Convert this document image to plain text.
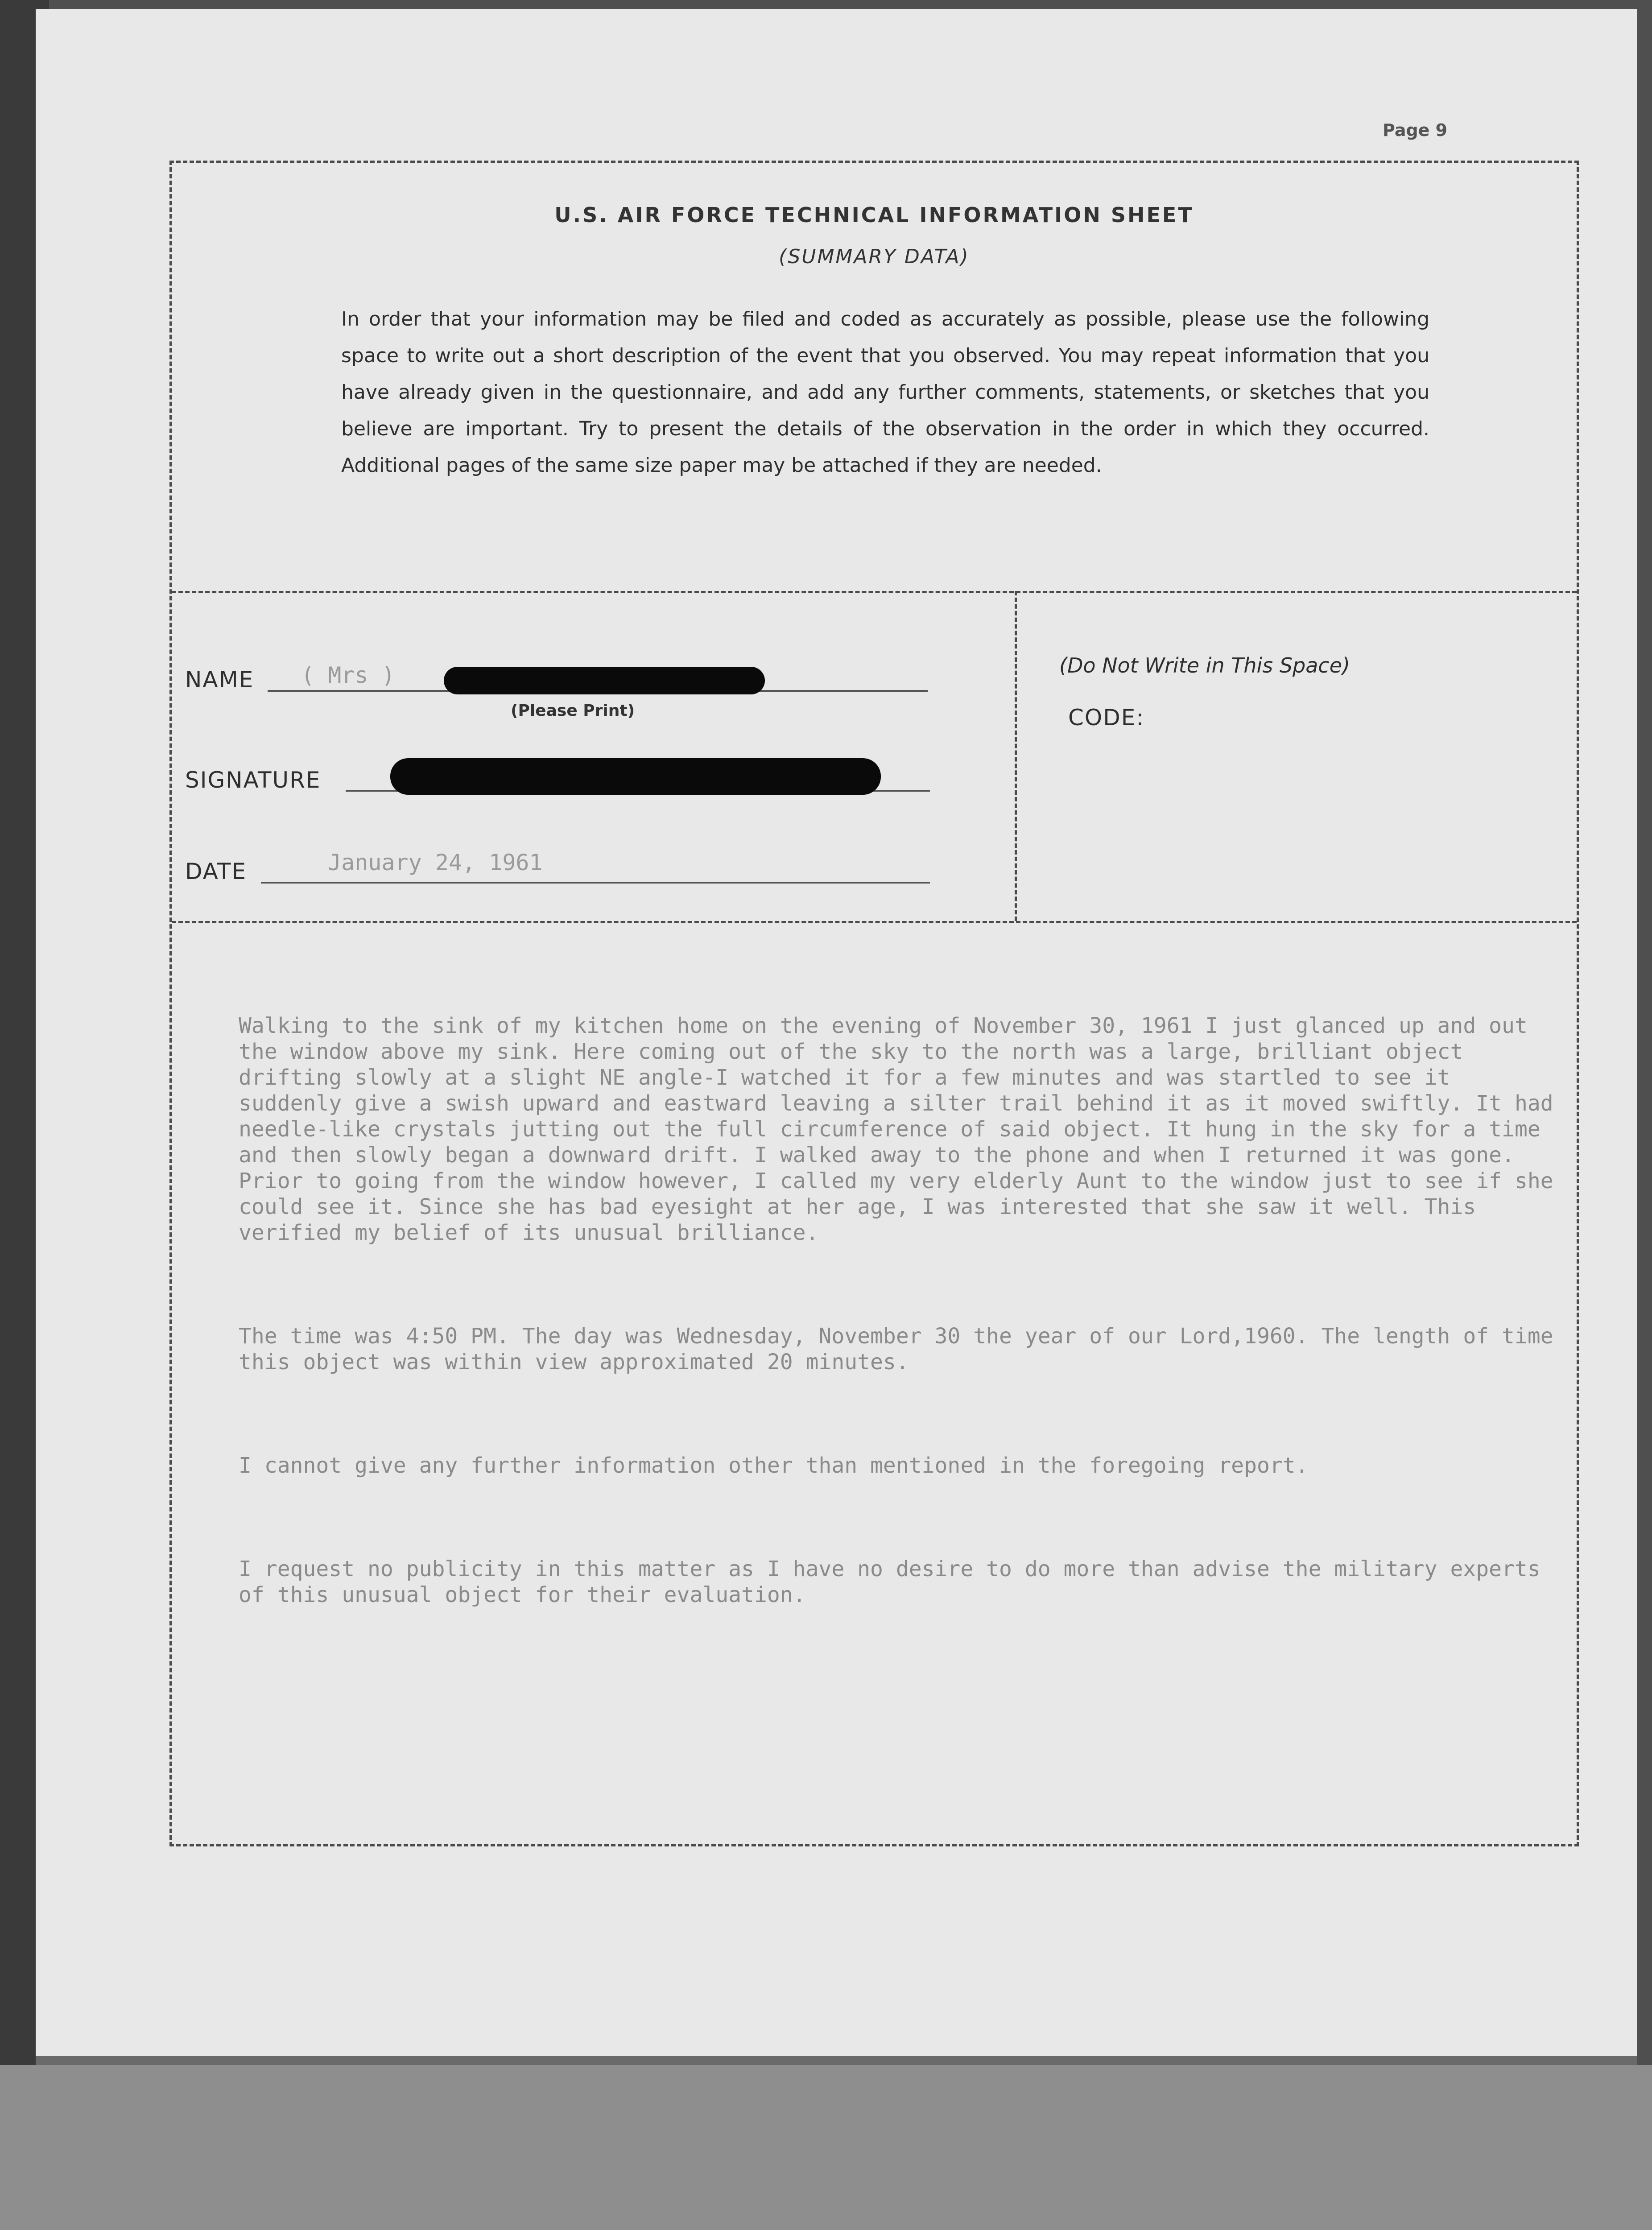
Page 9
U.S. AIR FORCE TECHNICAL INFORMATION SHEET
(SUMMARY DATA)
In order that your information may be filed and coded as accurately as possible, please use the following space to write out a short description of the event that you observed. You may repeat information that you have already given in the questionnaire, and add any further comments, statements, or sketches that you believe are important. Try to present the details of the observation in the order in which they occurred. Additional pages of the same size paper may be attached if they are needed.
NAME ( Mrs )
(Please Print)
SIGNATURE
DATE	January 24, 1961
(Do Not Write in This Space)
CODE:

Walking to the sink of my kitchen home on the evening of November 30, 1961 I just glanced up and out the window above my sink. Here coming out of the sky to the north was a large, brilliant object drifting slowly at a slight NE angle-I watched it for a few minutes and was startled to see it suddenly give a swish upward and eastward leaving a silter trail behind it as it moved swiftly. It had needle-like crystals jutting out the full circumference of said object. It hung in the sky for a time and then slowly began a downward drift. I walked away to the phone and when I returned it was gone. Prior to going from the window however, I called my very elderly Aunt to the window just to see if she could see it. Since she has bad eyesight at her age, I was interested that she saw it well. This verified my belief of its unusual brilliance.

The time was 4:50 PM. The day was Wednesday, November 30 the year of our Lord,1960. The length of time this object was within view approximated 20 minutes.

I cannot give any further information other than mentioned in the foregoing report.

I request no publicity in this matter as I have no desire to do more than advise the military experts of this unusual object for their evaluation.
